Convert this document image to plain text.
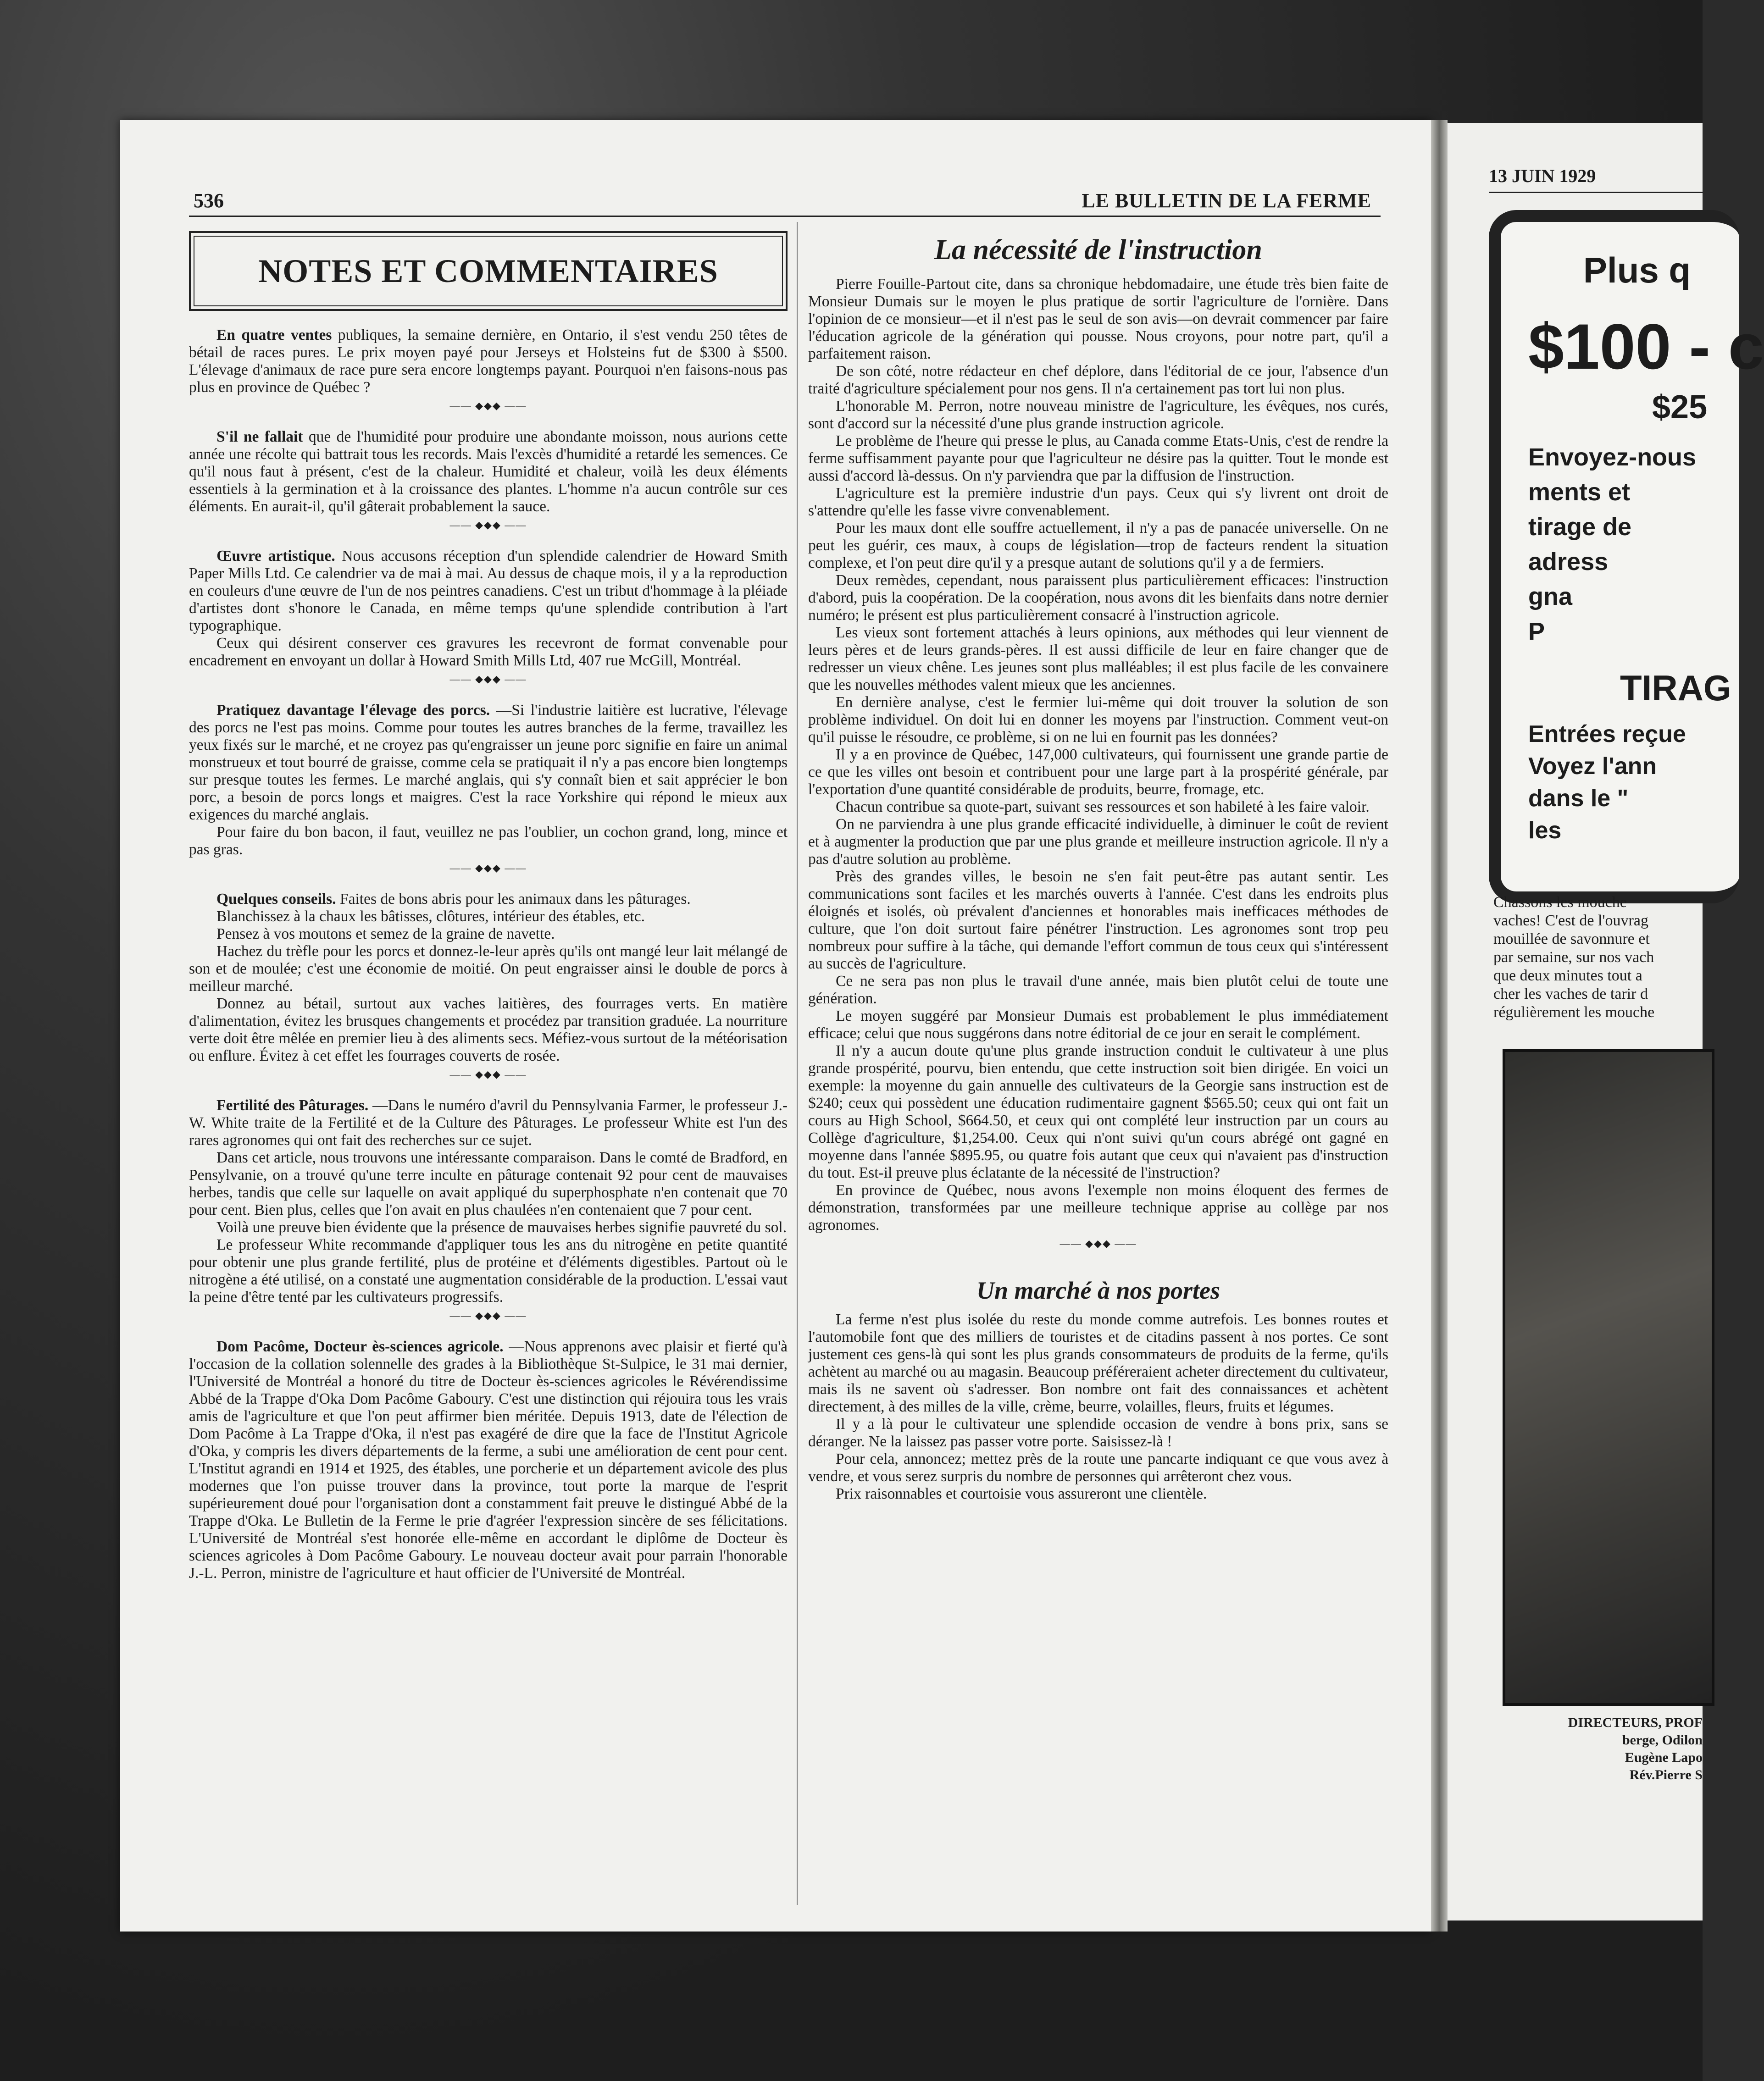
536	LE BULLETIN DE LA FERME
NOTES ET COMMENTAIRES

En quatre ventes publiques, la semaine dernière, en Ontario, il s'est vendu 250 têtes de bétail de races pures. Le prix moyen payé pour Jerseys et Holsteins fut de $300 à $500. L'élevage d'animaux de race pure sera encore longtemps payant. Pourquoi n'en faisons-nous pas plus en province de Québec ?

—— ◆◆◆ ——

S'il ne fallait que de l'humidité pour produire une abondante moisson, nous aurions cette année une récolte qui battrait tous les records. Mais l'excès d'humidité a retardé les semences. Ce qu'il nous faut à présent, c'est de la chaleur. Humidité et chaleur, voilà les deux éléments essentiels à la germination et à la croissance des plantes. L'homme n'a aucun contrôle sur ces éléments. En aurait-il, qu'il gâterait probablement la sauce.

—— ◆◆◆ ——

Œuvre artistique. Nous accusons réception d'un splendide calendrier de Howard Smith Paper Mills Ltd. Ce calendrier va de mai à mai. Au dessus de chaque mois, il y a la reproduction en couleurs d'une œuvre de l'un de nos peintres canadiens. C'est un tribut d'hommage à la pléiade d'artistes dont s'honore le Canada, en même temps qu'une splendide contribution à l'art typographique.

Ceux qui désirent conserver ces gravures les recevront de format convenable pour encadrement en envoyant un dollar à Howard Smith Mills Ltd, 407 rue McGill, Montréal.

—— ◆◆◆ ——

Pratiquez davantage l'élevage des porcs. —Si l'industrie laitière est lucrative, l'élevage des porcs ne l'est pas moins. Comme pour toutes les autres branches de la ferme, travaillez les yeux fixés sur le marché, et ne croyez pas qu'engraisser un jeune porc signifie en faire un animal monstrueux et tout bourré de graisse, comme cela se pratiquait il n'y a pas encore bien longtemps sur presque toutes les fermes. Le marché anglais, qui s'y connaît bien et sait apprécier le bon porc, a besoin de porcs longs et maigres. C'est la race Yorkshire qui répond le mieux aux exigences du marché anglais.

Pour faire du bon bacon, il faut, veuillez ne pas l'oublier, un cochon grand, long, mince et pas gras.

—— ◆◆◆ ——

Quelques conseils. Faites de bons abris pour les animaux dans les pâturages.

Blanchissez à la chaux les bâtisses, clôtures, intérieur des étables, etc.

Pensez à vos moutons et semez de la graine de navette.

Hachez du trèfle pour les porcs et donnez-le-leur après qu'ils ont mangé leur lait mélangé de son et de moulée; c'est une économie de moitié. On peut engraisser ainsi le double de porcs à meilleur marché.

Donnez au bétail, surtout aux vaches laitières, des fourrages verts. En matière d'alimentation, évitez les brusques changements et procédez par transition graduée. La nourriture verte doit être mêlée en premier lieu à des aliments secs. Méfiez-vous surtout de la météorisation ou enflure. Évitez à cet effet les fourrages couverts de rosée.

—— ◆◆◆ ——

Fertilité des Pâturages. —Dans le numéro d'avril du Pennsylvania Farmer, le professeur J.-W. White traite de la Fertilité et de la Culture des Pâturages. Le professeur White est l'un des rares agronomes qui ont fait des recherches sur ce sujet.

Dans cet article, nous trouvons une intéressante comparaison. Dans le comté de Bradford, en Pensylvanie, on a trouvé qu'une terre inculte en pâturage contenait 92 pour cent de mauvaises herbes, tandis que celle sur laquelle on avait appliqué du superphosphate n'en contenait que 70 pour cent. Bien plus, celles que l'on avait en plus chaulées n'en contenaient que 7 pour cent.

Voilà une preuve bien évidente que la présence de mauvaises herbes signifie pauvreté du sol.

Le professeur White recommande d'appliquer tous les ans du nitrogène en petite quantité pour obtenir une plus grande fertilité, plus de protéine et d'éléments digestibles. Partout où le nitrogène a été utilisé, on a constaté une augmentation considérable de la production. L'essai vaut la peine d'être tenté par les cultivateurs progressifs.

—— ◆◆◆ ——

Dom Pacôme, Docteur ès-sciences agricole. —Nous apprenons avec plaisir et fierté qu'à l'occasion de la collation solennelle des grades à la Bibliothèque St-Sulpice, le 31 mai dernier, l'Université de Montréal a honoré du titre de Docteur ès-sciences agricoles le Révérendissime Abbé de la Trappe d'Oka Dom Pacôme Gaboury. C'est une distinction qui réjouira tous les vrais amis de l'agriculture et que l'on peut affirmer bien méritée. Depuis 1913, date de l'élection de Dom Pacôme à La Trappe d'Oka, il n'est pas exagéré de dire que la face de l'Institut Agricole d'Oka, y compris les divers départements de la ferme, a subi une amélioration de cent pour cent. L'Institut agrandi en 1914 et 1925, des étables, une porcherie et un département avicole des plus modernes que l'on puisse trouver dans la province, tout porte la marque de l'esprit supérieurement doué pour l'organisation dont a constamment fait preuve le distingué Abbé de la Trappe d'Oka. Le Bulletin de la Ferme le prie d'agréer l'expression sincère de ses félicitations. L'Université de Montréal s'est honorée elle-même en accordant le diplôme de Docteur ès sciences agricoles à Dom Pacôme Gaboury. Le nouveau docteur avait pour parrain l'honorable J.-L. Perron, ministre de l'agriculture et haut officier de l'Université de Montréal.

La nécessité de l'instruction

Pierre Fouille-Partout cite, dans sa chronique hebdomadaire, une étude très bien faite de Monsieur Dumais sur le moyen le plus pratique de sortir l'agriculture de l'ornière. Dans l'opinion de ce monsieur—et il n'est pas le seul de son avis—on devrait commencer par faire l'éducation agricole de la génération qui pousse. Nous croyons, pour notre part, qu'il a parfaitement raison.

De son côté, notre rédacteur en chef déplore, dans l'éditorial de ce jour, l'absence d'un traité d'agriculture spécialement pour nos gens. Il n'a certainement pas tort lui non plus.

L'honorable M. Perron, notre nouveau ministre de l'agriculture, les évêques, nos curés, sont d'accord sur la nécessité d'une plus grande instruction agricole.

Le problème de l'heure qui presse le plus, au Canada comme Etats-Unis, c'est de rendre la ferme suffisamment payante pour que l'agriculteur ne désire pas la quitter. Tout le monde est aussi d'accord là-dessus. On n'y parviendra que par la diffusion de l'instruction.

L'agriculture est la première industrie d'un pays. Ceux qui s'y livrent ont droit de s'attendre qu'elle les fasse vivre convenablement.

Pour les maux dont elle souffre actuellement, il n'y a pas de panacée universelle. On ne peut les guérir, ces maux, à coups de législation—trop de facteurs rendent la situation complexe, et l'on peut dire qu'il y a presque autant de solutions qu'il y a de fermiers.

Deux remèdes, cependant, nous paraissent plus particulièrement efficaces: l'instruction d'abord, puis la coopération. De la coopération, nous avons dit les bienfaits dans notre dernier numéro; le présent est plus particulièrement consacré à l'instruction agricole.

Les vieux sont fortement attachés à leurs opinions, aux méthodes qui leur viennent de leurs pères et de leurs grands-pères. Il est aussi difficile de leur en faire changer que de redresser un vieux chêne. Les jeunes sont plus malléables; il est plus facile de les convainere que les nouvelles méthodes valent mieux que les anciennes.

En dernière analyse, c'est le fermier lui-même qui doit trouver la solution de son problème individuel. On doit lui en donner les moyens par l'instruction. Comment veut-on qu'il puisse le résoudre, ce problème, si on ne lui en fournit pas les données?

Il y a en province de Québec, 147,000 cultivateurs, qui fournissent une grande partie de ce que les villes ont besoin et contribuent pour une large part à la prospérité générale, par l'exportation d'une quantité considérable de produits, beurre, fromage, etc.

Chacun contribue sa quote-part, suivant ses ressources et son habileté à les faire valoir.

On ne parviendra à une plus grande efficacité individuelle, à diminuer le coût de revient et à augmenter la production que par une plus grande et meilleure instruction agricole. Il n'y a pas d'autre solution au problème.

Près des grandes villes, le besoin ne s'en fait peut-être pas autant sentir. Les communications sont faciles et les marchés ouverts à l'année. C'est dans les endroits plus éloignés et isolés, où prévalent d'anciennes et honorables mais inefficaces méthodes de culture, que l'on doit surtout faire pénétrer l'instruction. Les agronomes sont trop peu nombreux pour suffire à la tâche, qui demande l'effort commun de tous ceux qui s'intéressent au succès de l'agriculture.

Ce ne sera pas non plus le travail d'une année, mais bien plutôt celui de toute une génération.

Le moyen suggéré par Monsieur Dumais est probablement le plus immédiatement efficace; celui que nous suggérons dans notre éditorial de ce jour en serait le complément.

Il n'y a aucun doute qu'une plus grande instruction conduit le cultivateur à une plus grande prospérité, pourvu, bien entendu, que cette instruction soit bien dirigée. En voici un exemple: la moyenne du gain annuelle des cultivateurs de la Georgie sans instruction est de $240; ceux qui possèdent une éducation rudimentaire gagnent $565.50; ceux qui ont fait un cours au High School, $664.50, et ceux qui ont complété leur instruction par un cours au Collège d'agriculture, $1,254.00. Ceux qui n'ont suivi qu'un cours abrégé ont gagné en moyenne dans l'année $895.95, ou quatre fois autant que ceux qui n'avaient pas d'instruction du tout. Est-il preuve plus éclatante de la nécessité de l'instruction?

En province de Québec, nous avons l'exemple non moins éloquent des fermes de démonstration, transformées par une meilleure technique apprise au collège par nos agronomes.

—— ◆◆◆ ——
Un marché à nos portes

La ferme n'est plus isolée du reste du monde comme autrefois. Les bonnes routes et l'automobile font que des milliers de touristes et de citadins passent à nos portes. Ce sont justement ces gens-là qui sont les plus grands consommateurs de produits de la ferme, qu'ils achètent au marché ou au magasin. Beaucoup préféreraient acheter directement du cultivateur, mais ils ne savent où s'adresser. Bon nombre ont fait des connaissances et achètent directement, à des milles de la ville, crème, beurre, volailles, fleurs, fruits et légumes.

Il y a là pour le cultivateur une splendide occasion de vendre à bons prix, sans se déranger. Ne la laissez pas passer votre porte. Saisissez-là !

Pour cela, annoncez; mettez près de la route une pancarte indiquant ce que vous avez à vendre, et vous serez surpris du nombre de personnes qui arrêteront chez vous.

Prix raisonnables et courtoisie vous assureront une clientèle.

13 JUIN 1929
Plus q
$100 - c
$25
Envoyez-nous
ments et
tirage de
adress
gna
P
TIRAG
Entrées reçue
Voyez l'ann
dans le "
les
Chassons les mouche
vaches! C'est de l'ouvrag
mouillée de savonnure et
par semaine, sur nos vach
que deux minutes tout a
cher les vaches de tarir d
régulièrement les mouche
DIRECTEURS, PROF
berge, Odilon
Eugène Lapo
Rév.Pierre S
